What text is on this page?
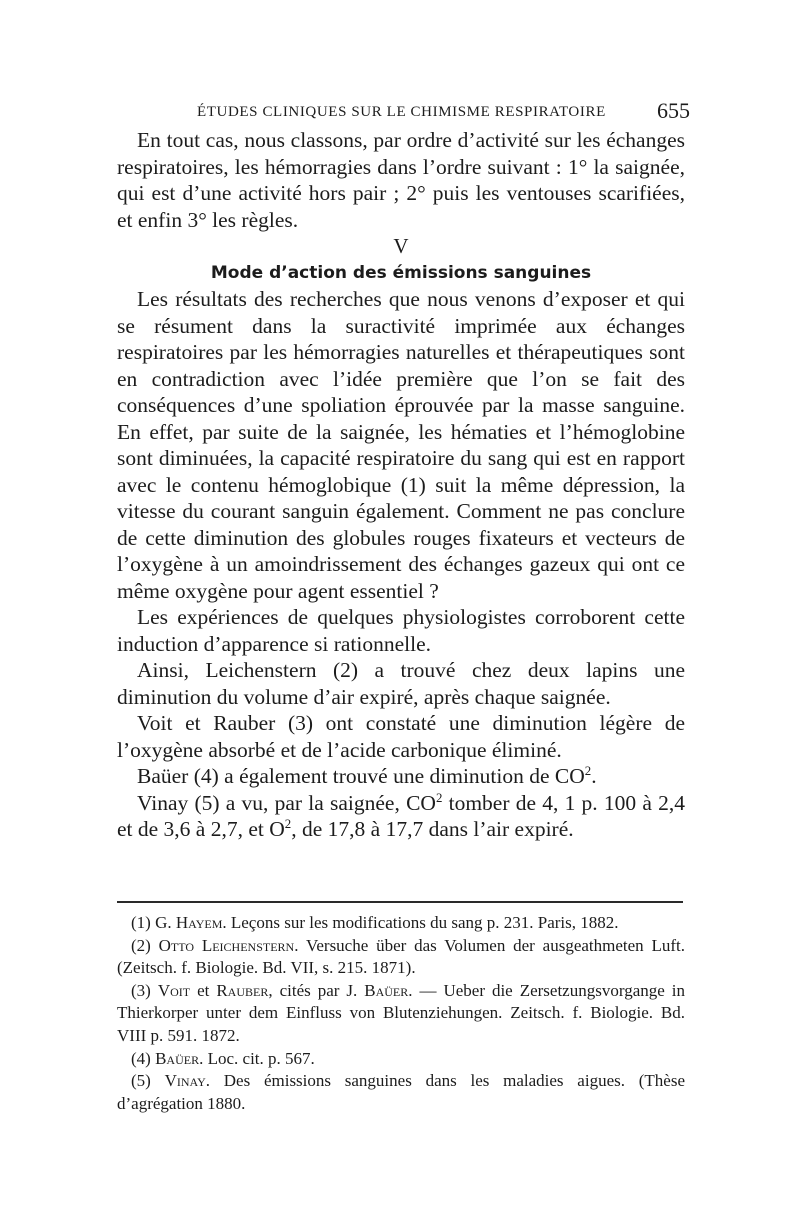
ÉTUDES CLINIQUES SUR LE CHIMISME RESPIRATOIRE 655

En tout cas, nous classons, par ordre d’activité sur les échanges respiratoires, les hémorragies dans l’ordre suivant : 1° la saignée, qui est d’une activité hors pair ; 2° puis les ventouses scarifiées, et enfin 3° les règles.

V

Mode d’action des émissions sanguines

Les résultats des recherches que nous venons d’exposer et qui se résument dans la suractivité imprimée aux échanges respiratoires par les hémorragies naturelles et thérapeutiques sont en contradiction avec l’idée première que l’on se fait des conséquences d’une spoliation éprouvée par la masse sanguine. En effet, par suite de la saignée, les hématies et l’hémoglobine sont diminuées, la capacité respiratoire du sang qui est en rapport avec le contenu hémoglobique (1) suit la même dépression, la vitesse du courant sanguin également. Comment ne pas conclure de cette diminution des globules rouges fixateurs et vecteurs de l’oxygène à un amoindrissement des échanges gazeux qui ont ce même oxygène pour agent essentiel ?

Les expériences de quelques physiologistes corroborent cette induction d’apparence si rationnelle.

Ainsi, Leichenstern (2) a trouvé chez deux lapins une diminution du volume d’air expiré, après chaque saignée.

Voit et Rauber (3) ont constaté une diminution légère de l’oxygène absorbé et de l’acide carbonique éliminé.

Baüer (4) a également trouvé une diminution de $CO^2$.

Vinay (5) a vu, par la saignée, $CO^2$ tomber de 4, 1 p. 100 à 2,4 et de 3,6 à 2,7, et $O^2$, de 17,8 à 17,7 dans l’air expiré.

(1) G. Hayem. Leçons sur les modifications du sang p. 231. Paris, 1882.

(2) Otto Leichenstern. Versuche über das Volumen der ausgeathmeten Luft. (Zeitsch. f. Biologie. Bd. VII, s. 215. 1871).

(3) Voit et Rauber, cités par J. Baüer. — Ueber die Zersetzungsvorgange in Thierkorper unter dem Einfluss von Blutenziehungen. Zeitsch. f. Biologie. Bd. VIII p. 591. 1872.

(4) Baüer. Loc. cit. p. 567.

(5) Vinay. Des émissions sanguines dans les maladies aigues. (Thèse d’agrégation 1880.
